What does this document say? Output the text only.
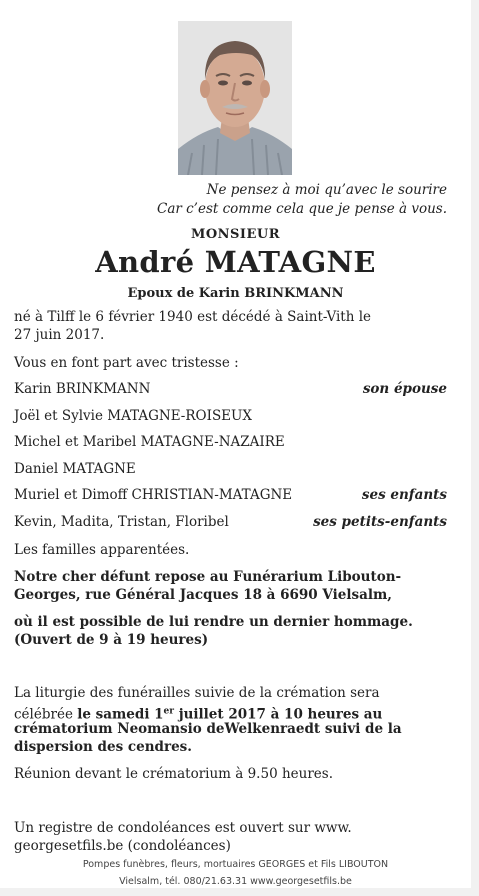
Ne pensez à moi qu’avec le sourire
Car c’est comme cela que je pense à vous.
MONSIEUR
André MATAGNE
Epoux de Karin BRINKMANN
né à Tilff le 6 février 1940 est décédé à Saint-Vith le
27 juin 2017.
Vous en font part avec tristesse :
Karin BRINKMANN	son épouse
Joël et Sylvie MATAGNE-ROISEUX
Michel et Maribel MATAGNE-NAZAIRE
Daniel MATAGNE
Muriel et Dimoff CHRISTIAN-MATAGNE	ses enfants
Kevin, Madita, Tristan, Floribel	ses petits-enfants
Les familles apparentées.
Notre cher défunt repose au Funérarium Libouton-
Georges, rue Général Jacques 18 à 6690 Vielsalm,
où il est possible de lui rendre un dernier hommage.
(Ouvert de 9 à 19 heures)
La liturgie des funérailles suivie de la crémation sera
célébrée le samedi 1er juillet 2017 à 10 heures au
crématorium Neomansio deWelkenraedt suivi de la
dispersion des cendres.
Réunion devant le crématorium à 9.50 heures.
Un registre de condoléances est ouvert sur www.
georgesetfils.be (condoléances)
Pompes funèbres, fleurs, mortuaires GEORGES et Fils LIBOUTON
Vielsalm, tél. 080/21.63.31 www.georgesetfils.be
